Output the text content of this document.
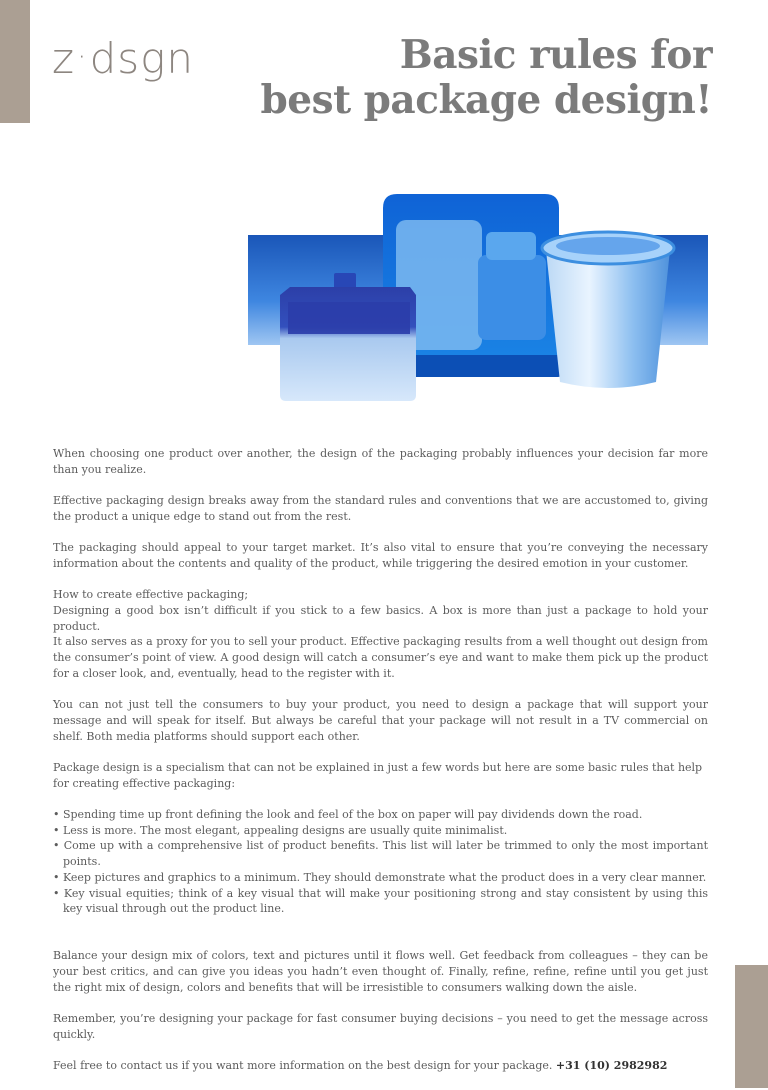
z·dsgn	Basic rules for
best package design!

When choosing one product over another, the design of the packaging probably influences your decision far more than you realize.

Effective packaging design breaks away from the standard rules and conventions that we are accustomed to, giving the product a unique edge to stand out from the rest.

The packaging should appeal to your target market. It’s also vital to ensure that you’re conveying the necessary information about the contents and quality of the product, while triggering the desired emotion in your customer.

How to create effective packaging;

Designing a good box isn’t difficult if you stick to a few basics. A box is more than just a package to hold your product.

It also serves as a proxy for you to sell your product. Effective packaging results from a well thought out design from the consumer’s point of view. A good design will catch a consumer’s eye and want to make them pick up the product for a closer look, and, eventually, head to the register with it.

You can not just tell the consumers to buy your product, you need to design a package that will support your message and will speak for itself. But always be careful that your package will not result in a TV commercial on shelf. Both media platforms should support each other.

Package design is a specialism that can not be explained in just a few words but here are some basic rules that help

for creating effective packaging:

• Spending time up front defining the look and feel of the box on paper will pay dividends down the road.
• Less is more. The most elegant, appealing designs are usually quite minimalist.
• Come up with a comprehensive list of product benefits. This list will later be trimmed to only the most important points.
• Keep pictures and graphics to a minimum. They should demonstrate what the product does in a very clear manner.
• Key visual equities; think of a key visual that will make your positioning strong and stay consistent by using this key visual through out the product line.

Balance your design mix of colors, text and pictures until it flows well. Get feedback from colleagues – they can be your best critics, and can give you ideas you hadn’t even thought of. Finally, refine, refine, refine until you get just the right mix of design, colors and benefits that will be irresistible to consumers walking down the aisle.

Remember, you’re designing your package for fast consumer buying decisions – you need to get the message across quickly.

Feel free to contact us if you want more information on the best design for your package. +31 (10) 2982982
